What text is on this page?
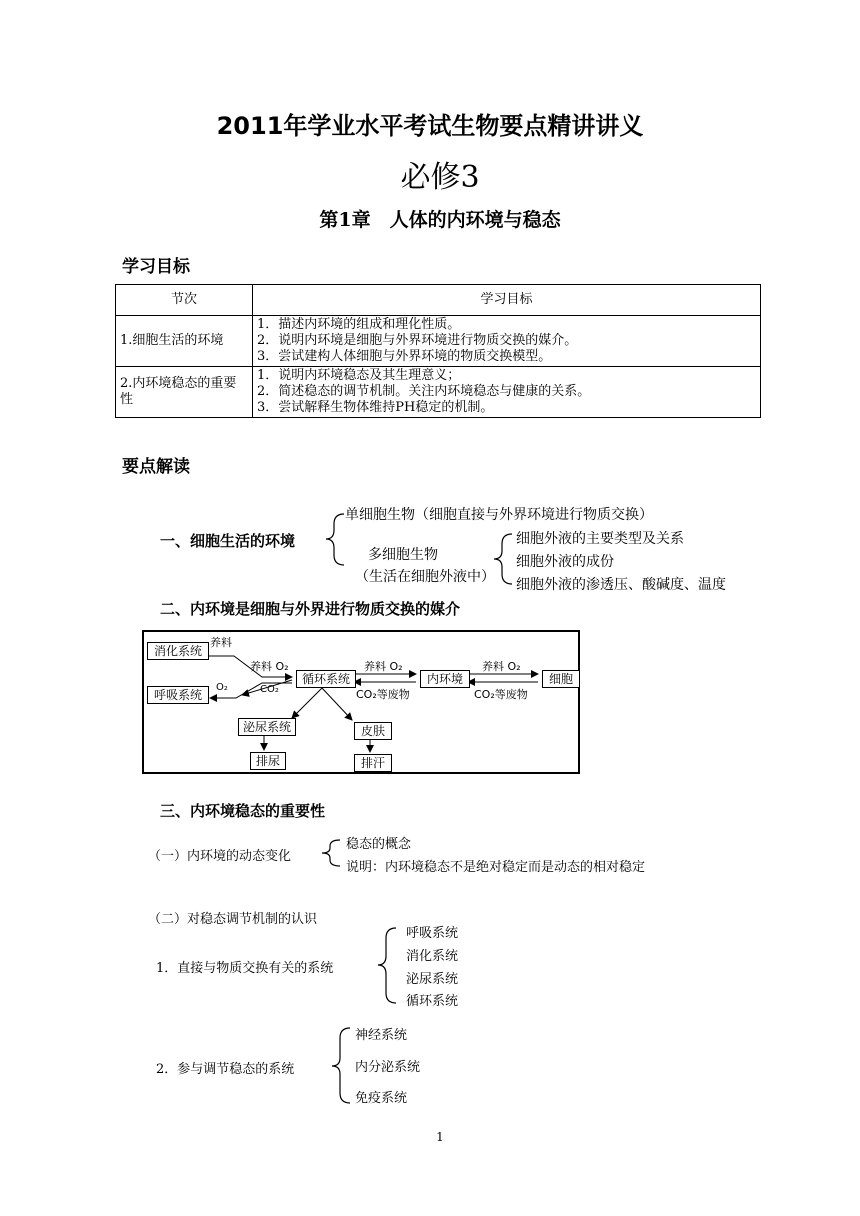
2011年学业水平考试生物要点精讲讲义
必修3
第1章　人体的内环境与稳态
学习目标
节次	学习目标
1.细胞生活的环境	1．描述内环境的组成和理化性质。
2．说明内环境是细胞与外界环境进行物质交换的媒介。
3．尝试建构人体细胞与外界环境的物质交换模型。

2.内环境稳态的重要性	1．说明内环境稳态及其生理意义；
2．简述稳态的调节机制。关注内环境稳态与健康的关系。
3．尝试解释生物体维持PH稳定的机制。
要点解读
一、细胞生活的环境
单细胞生物（细胞直接与外界环境进行物质交换）
多细胞生物
（生活在细胞外液中）
细胞外液的主要类型及关系
细胞外液的成份
细胞外液的渗透压、酸碱度、温度
二、内环境是细胞与外界进行物质交换的媒介
消化系统
呼吸系统
循环系统	内环境	细胞
泌尿系统	皮肤
排尿	排汗
养料
养料 O₂
O₂	CO₂
养料 O₂
CO₂等废物
养料 O₂
CO₂等废物
三、内环境稳态的重要性
（一）内环境的动态变化
稳态的概念
说明：内环境稳态不是绝对稳定而是动态的相对稳定
（二）对稳态调节机制的认识
1．直接与物质交换有关的系统
呼吸系统
消化系统
泌尿系统
循环系统
2．参与调节稳态的系统
神经系统
内分泌系统
免疫系统
1
